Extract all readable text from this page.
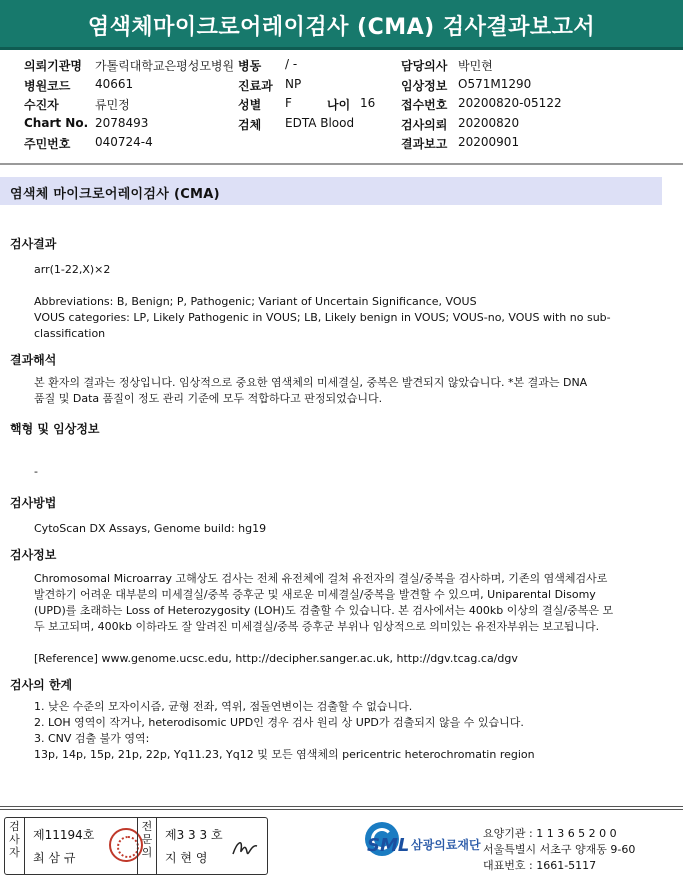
염색체마이크로어레이검사 (CMA) 검사결과보고서
의뢰기관명 가톨릭대학교은평성모병원 병동 / -	담당의사 박민현
병원코드 40661	진료과 NP	임상정보 O571M1290
수진자	류민정	성별 F	나이 16 접수번호 20200820-05122
Chart No. 2078493	검체 EDTA Blood	검사의뢰 20200820
주민번호 040724-4	결과보고 20200901
염색체 마이크로어레이검사 (CMA)
검사결과
arr(1-22,X)×2
Abbreviations: B, Benign; P, Pathogenic; Variant of Uncertain Significance, VOUS
VOUS categories: LP, Likely Pathogenic in VOUS; LB, Likely benign in VOUS; VOUS-no, VOUS with no sub-
classification
결과해석
본 환자의 결과는 정상입니다. 임상적으로 중요한 염색체의 미세결실, 중복은 발견되지 않았습니다. *본 결과는 DNA
품질 및 Data 품질이 정도 관리 기준에 모두 적합하다고 판정되었습니다.
핵형 및 임상정보
-
검사방법
CytoScan DX Assays, Genome build: hg19
검사정보
Chromosomal Microarray 고해상도 검사는 전체 유전체에 걸쳐 유전자의 결실/중복을 검사하며, 기존의 염색체검사로
발견하기 어려운 대부분의 미세결실/중복 증후군 및 새로운 미세결실/중복을 발견할 수 있으며, Uniparental Disomy
(UPD)를 초래하는 Loss of Heterozygosity (LOH)도 검출할 수 있습니다. 본 검사에서는 400kb 이상의 결실/중복은 모
두 보고되며, 400kb 이하라도 잘 알려진 미세결실/중복 증후군 부위나 임상적으로 의미있는 유전자부위는 보고됩니다.
[Reference] www.genome.ucsc.edu, http://decipher.sanger.ac.uk, http://dgv.tcag.ca/dgv
검사의 한계
1. 낮은 수준의 모자이시즘, 균형 전좌, 역위, 점돌연변이는 검출할 수 없습니다.
2. LOH 영역이 작거나, heterodisomic UPD인 경우 검사 원리 상 UPD가 검출되지 않을 수 있습니다.
3. CNV 검출 불가 영역:
13p, 14p, 15p, 21p, 22p, Yq11.23, Yq12 및 모든 염색체의 pericentric heterochromatin region
검사자
제11194호
최 삼 규
전문의
제3 3 3 호
지 현 영
SML 삼광의료재단
요양기관 : 1 1 3 6 5 2 0 0
서울특별시 서초구 양재동 9-60
대표번호 : 1661-5117
